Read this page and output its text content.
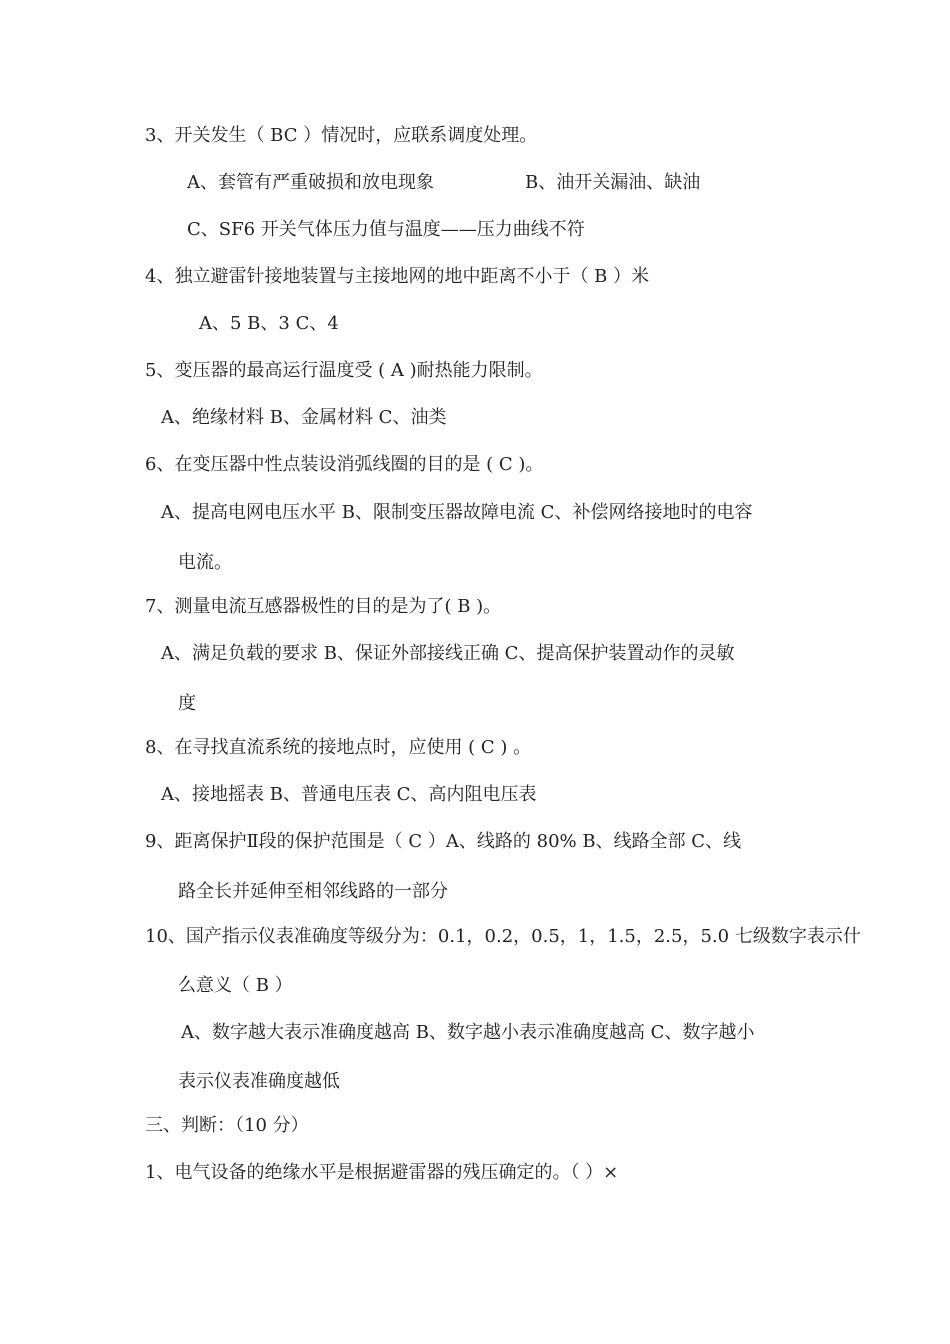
3、开关发生（ BC ）情况时，应联系调度处理。
A、套管有严重破损和放电现象	B、油开关漏油、缺油
C、SF6 开关气体压力值与温度——压力曲线不符
4、独立避雷针接地装置与主接地网的地中距离不小于（ B ）米
A、5 B、3 C、4
5、变压器的最高运行温度受 ( A )耐热能力限制。
A、绝缘材料 B、金属材料 C、油类
6、在变压器中性点装设消弧线圈的目的是 ( C )。
A、提高电网电压水平 B、限制变压器故障电流 C、补偿网络接地时的电容
电流。
7、测量电流互感器极性的目的是为了( B )。
A、满足负载的要求 B、保证外部接线正确 C、提高保护装置动作的灵敏
度
8、在寻找直流系统的接地点时，应使用 ( C ) 。
A、接地摇表 B、普通电压表 C、高内阻电压表
9、距离保护Ⅱ段的保护范围是（ C ）A、线路的 80% B、线路全部 C、线
路全长并延伸至相邻线路的一部分
10、国产指示仪表准确度等级分为：0.1，0.2，0.5，1，1.5，2.5，5.0 七级数字表示什
么意义（ B ）
A、数字越大表示准确度越高 B、数字越小表示准确度越高 C、数字越小
表示仪表准确度越低
三、判断：（10 分）
1、电气设备的绝缘水平是根据避雷器的残压确定的。（ ）×
